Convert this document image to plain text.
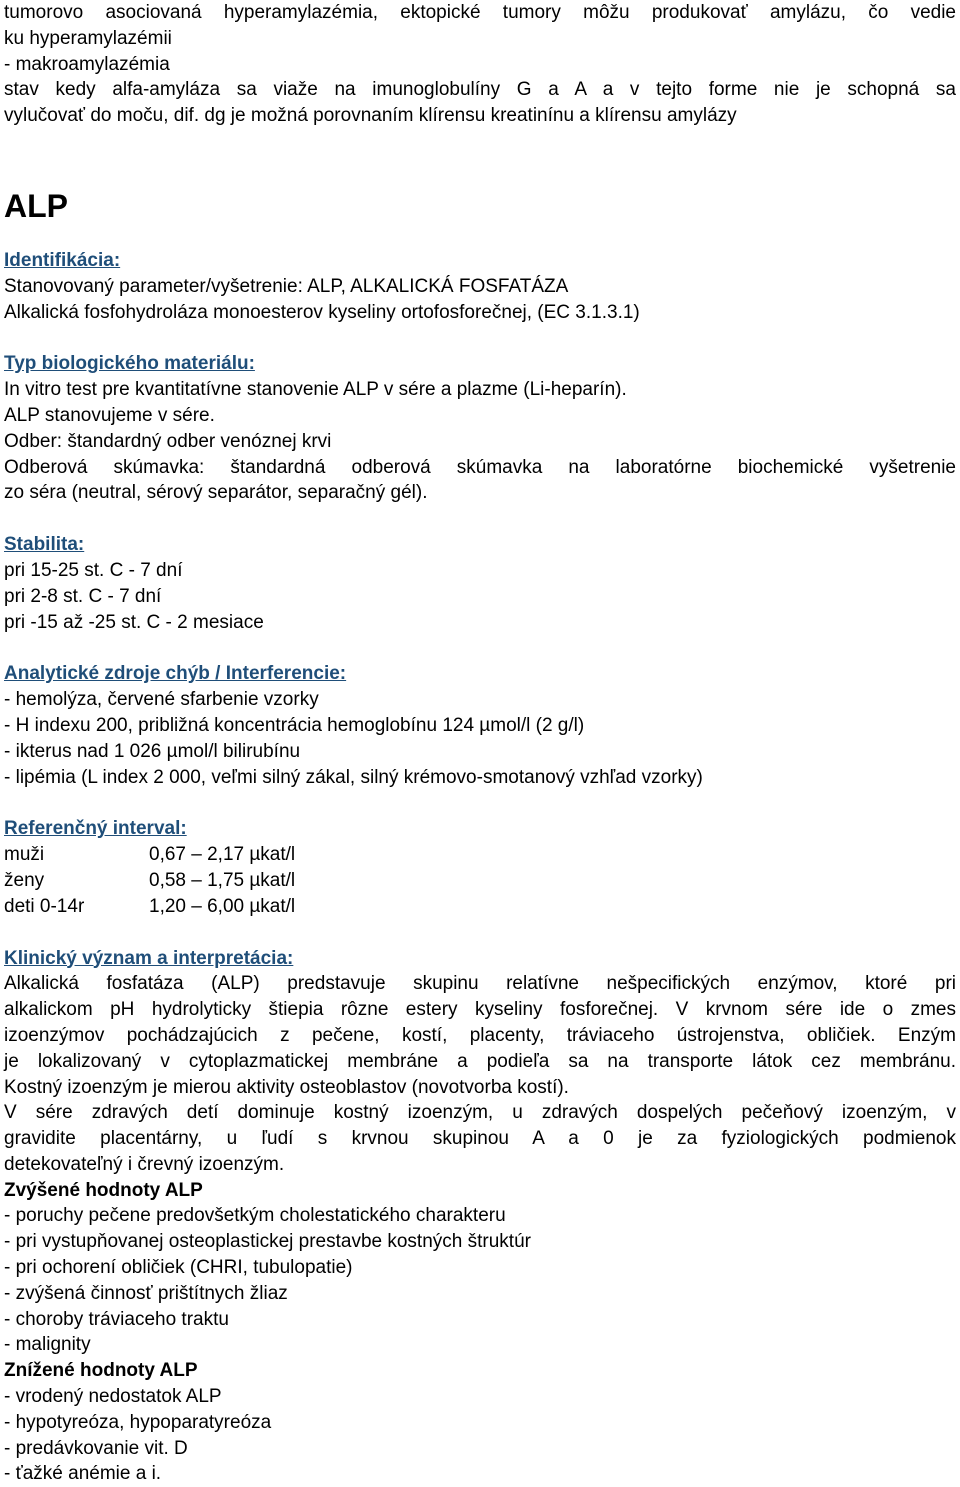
tumorovo asociovaná hyperamylazémia, ektopické tumory môžu produkovať amylázu, čo vedie
ku hyperamylazémii
- makroamylazémia
stav kedy alfa-amyláza sa viaže na imunoglobulíny G a A a v tejto forme nie je schopná sa
vylučovať do moču, dif. dg je možná porovnaním klírensu kreatinínu a klírensu amylázy
ALP
Identifikácia:
Stanovovaný parameter/vyšetrenie: ALP, ALKALICKÁ FOSFATÁZA
Alkalická fosfohydroláza monoesterov kyseliny ortofosforečnej, (EC 3.1.3.1)
Typ biologického materiálu:
In vitro test pre kvantitatívne stanovenie ALP v sére a plazme (Li-heparín).
ALP stanovujeme v sére.
Odber: štandardný odber venóznej krvi
Odberová skúmavka: štandardná odberová skúmavka na laboratórne biochemické vyšetrenie
zo séra (neutral, sérový separátor, separačný gél).
Stabilita:
pri 15-25 st. C - 7 dní
pri 2-8 st. C - 7 dní
pri -15 až -25 st. C - 2 mesiace
Analytické zdroje chýb / Interferencie:
- hemolýza, červené sfarbenie vzorky
- H indexu 200, približná koncentrácia hemoglobínu 124 µmol/l (2 g/l)
- ikterus nad 1 026 µmol/l bilirubínu
- lipémia (L index 2 000, veľmi silný zákal, silný krémovo-smotanový vzhľad vzorky)
Referenčný interval:
muži	0,67 – 2,17 µkat/l
ženy	0,58 – 1,75 µkat/l
deti 0-14r	1,20 – 6,00 µkat/l
Klinický význam a interpretácia:
Alkalická fosfatáza (ALP) predstavuje skupinu relatívne nešpecifických enzýmov, ktoré pri
alkalickom pH hydrolyticky štiepia rôzne estery kyseliny fosforečnej. V krvnom sére ide o zmes
izoenzýmov pochádzajúcich z pečene, kostí, placenty, tráviaceho ústrojenstva, obličiek. Enzým
je lokalizovaný v cytoplazmatickej membráne a podieľa sa na transporte látok cez membránu.
Kostný izoenzým je mierou aktivity osteoblastov (novotvorba kostí).
V sére zdravých detí dominuje kostný izoenzým, u zdravých dospelých pečeňový izoenzým, v
gravidite placentárny, u ľudí s krvnou skupinou A a 0 je za fyziologických podmienok
detekovateľný i črevný izoenzým.
Zvýšené hodnoty ALP
- poruchy pečene predovšetkým cholestatického charakteru
- pri vystupňovanej osteoplastickej prestavbe kostných štruktúr
- pri ochorení obličiek (CHRI, tubulopatie)
- zvýšená činnosť prištítnych žliaz
- choroby tráviaceho traktu
- malignity
Znížené hodnoty ALP
- vrodený nedostatok ALP
- hypotyreóza, hypoparatyreóza
- predávkovanie vit. D
- ťažké anémie a i.
